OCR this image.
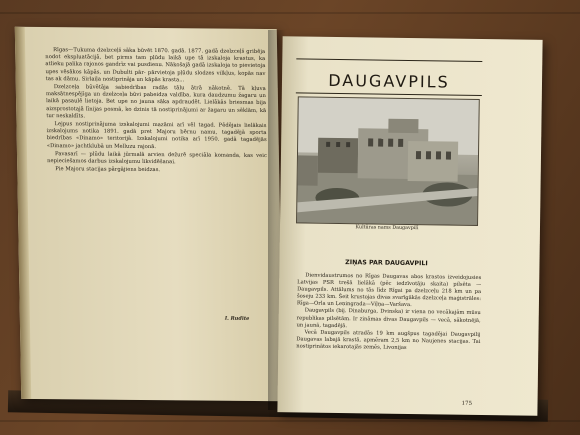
Rīgas—Tukuma dzelzceļš sāka būvēt 1870. gadā. 1877. gadā dzelzceļš gribēja nodot ekspluatācijā, bet pirms tam pļūdu laikā upe tā izskaloja krastus, ka atlieku palika rajonos gandrīz vai pusdienu. Nākošajā gadā izskaloja to pievietoja upes vēsākos kāpās, un Dubulti pār- pārvietoja pļūdu slodzes vilkļus, kopās nav tas ak dāmu. Sirlaiļa nostiprināja un kāpās krasta...

Dzelzceļa būvētāja sabiedrības radās tālu ātrā nākotnē. Tā kļuva maksātnespējīga un dzelzceļa būvi pabeidza valdība, kura daudzumu žagaru un laikā pasaulē lietoja. Bet upe no jauna sāka apdraudēt. Lielākās briesmas bija aizsprostotajā līnijas posmā, ko dzinis tā nostiprinājumi ar žagaru un sēklām, kā tur neskaldīts.

Lejpus nostiprinājuma izskalojumi mazāmi arī vēl tagad. Pēdējais lielākais izskalojums notika 1891. gadā pret Majoru bērnu namu, tagadējā sporta biedrības «Dinamo» teritorijā. Izskalojumi notika arī 1950. gadā tagadējās «Dinamo» jachtklubā un Melluzu rajonā.

Pavasarī — plūdu laikā jūrmalā arvien dežurē speciāla komanda, kas veic nepieciešamos darbus izskalojumu likvidēšanai.

Pie Majoru stacijas pārgājiens beidzas.

I. Rudīte
DAUGAVPILS
Kultūras nams Daugavpilī
ZIŅAS PAR DAUGAVPILI

Dienvidaustrumos no Rīgas Daugavas abos krastos izveidojusies Latvijas PSR trešā lielākā (pēc iedzīvotāju skaita) pilsēta — Daugavpils. Attālums no tās līdz Rīgai pa dzelzceļu 218 km un pa šoseju 233 km. Šeit krustojas divas svarīgākās dzelzceļa maģistrāles: Rīga—Orla un Ļeņingrada—Viļņa—Varšava.

Daugavpils (bij. Dinaburga, Dvinska) ir viena no vecākajām mūsu republikas pilsētām. Ir zināmas divas Daugavpils — vecā, sākotnējā, un jaunā, tagadējā.

Vecā Daugavpils atradās 19 km augšpus tagadējai Daugavpilij Daugavas labajā krastā, apmēram 2,5 km no Naujenes stacijas. Tai nostiprinātos iekarotajās zemēs, Livonijas

175
